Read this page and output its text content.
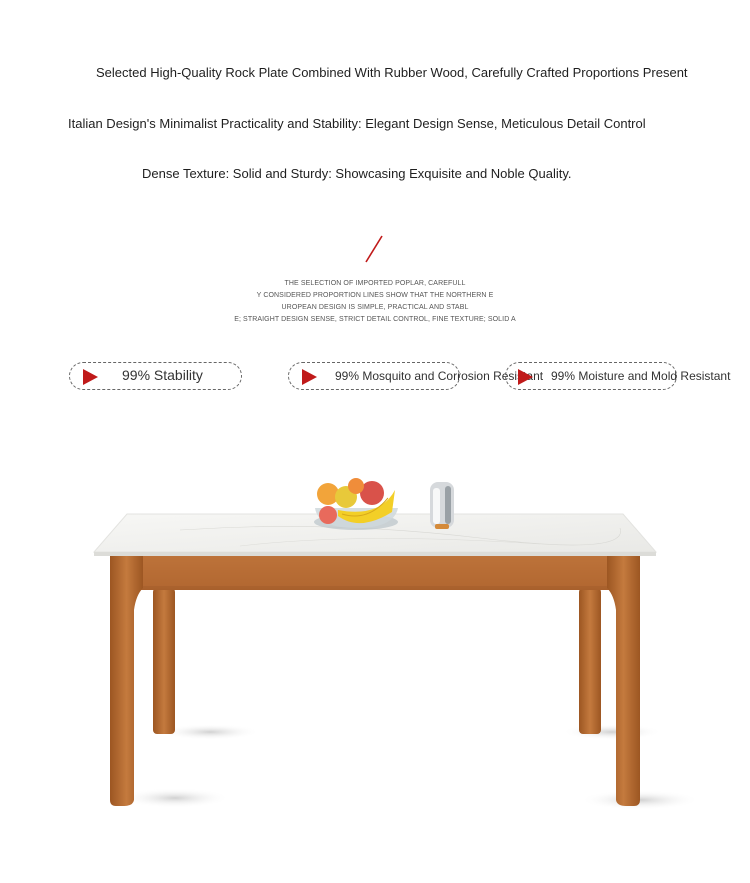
Selected High-Quality Rock Plate Combined With Rubber Wood, Carefully Crafted Proportions Present
Italian Design's Minimalist Practicality and Stability: Elegant Design Sense, Meticulous Detail Control
Dense Texture: Solid and Sturdy: Showcasing Exquisite and Noble Quality.
THE SELECTION OF IMPORTED POPLAR, CAREFULL
Y CONSIDERED PROPORTION LINES SHOW THAT THE NORTHERN E
UROPEAN DESIGN IS SIMPLE, PRACTICAL AND STABL
E; STRAIGHT DESIGN SENSE, STRICT DETAIL CONTROL, FINE TEXTURE; SOLID A
99% Stability	99% Mosquito and Corrosion Resistant 99% Moisture and Mold Resistant
